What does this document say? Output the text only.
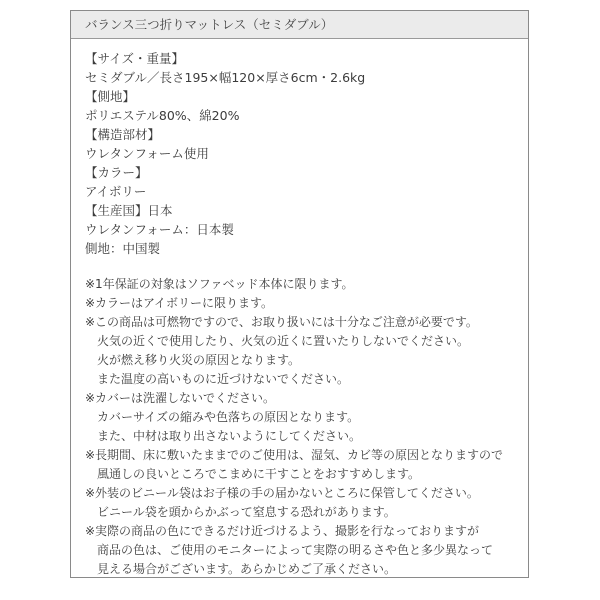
バランス三つ折りマットレス（セミダブル）
【サイズ・重量】
セミダブル／長さ195×幅120×厚さ6cm・2.6kg
【側地】
ポリエステル80%、綿20%
【構造部材】
ウレタンフォーム使用
【カラー】
アイボリー
【生産国】日本
ウレタンフォーム：日本製
側地：中国製
※1年保証の対象はソファベッド本体に限ります。
※カラーはアイボリーに限ります。
※この商品は可燃物ですので、お取り扱いには十分なご注意が必要です。
火気の近くで使用したり、火気の近くに置いたりしないでください。
火が燃え移り火災の原因となります。
また温度の高いものに近づけないでください。
※カバーは洗濯しないでください。
カバーサイズの縮みや色落ちの原因となります。
また、中材は取り出さないようにしてください。
※長期間、床に敷いたままでのご使用は、湿気、カビ等の原因となりますので
風通しの良いところでこまめに干すことをおすすめします。
※外装のビニール袋はお子様の手の届かないところに保管してください。
ビニール袋を頭からかぶって窒息する恐れがあります。
※実際の商品の色にできるだけ近づけるよう、撮影を行なっておりますが
商品の色は、ご使用のモニターによって実際の明るさや色と多少異なって
見える場合がございます。あらかじめご了承ください。
